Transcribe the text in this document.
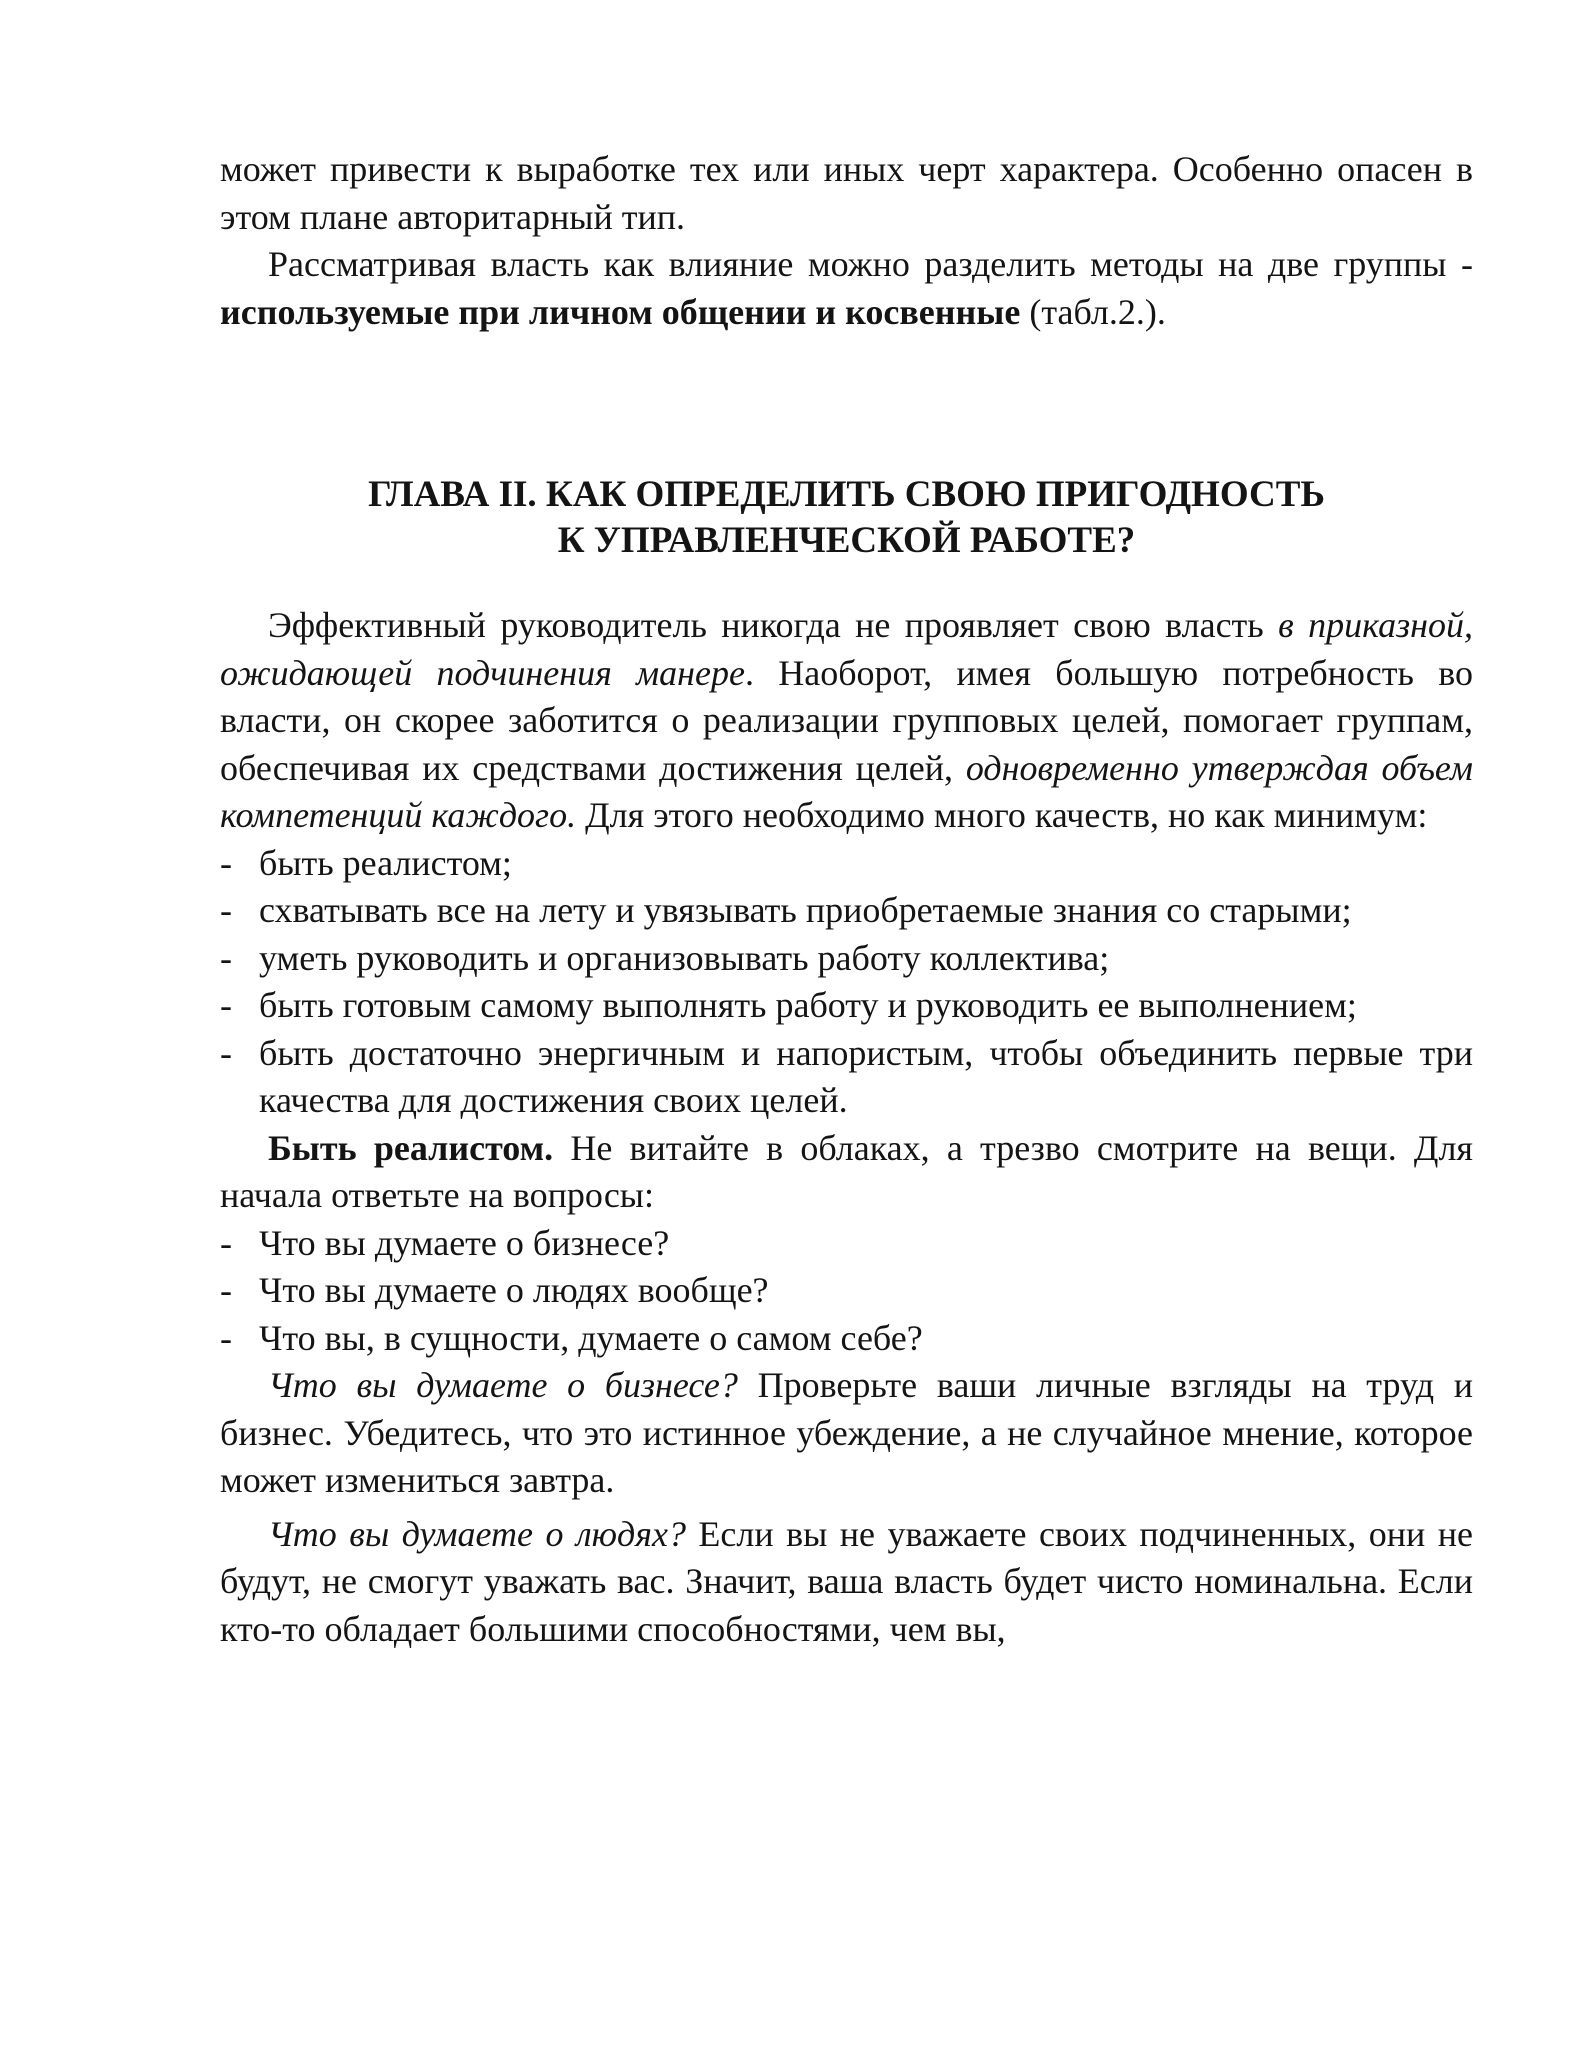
может привести к выработке тех или иных черт характера. Особенно опасен в этом плане авторитарный тип.

Рассматривая власть как влияние можно разделить методы на две группы - используемые при личном общении и косвенные (табл.2.).

ГЛАВА II. КАК ОПРЕДЕЛИТЬ СВОЮ ПРИГОДНОСТЬ
К УПРАВЛЕНЧЕСКОЙ РАБОТЕ?

Эффективный руководитель никогда не проявляет свою власть в приказной, ожидающей подчинения манере. Наоборот, имея большую потребность во власти, он скорее заботится о реализации групповых целей, помогает группам, обеспечивая их средствами достижения целей, одновременно утверждая объем компетенций каждого. Для этого необходимо много качеств, но как минимум:

- быть реалистом;
- схватывать все на лету и увязывать приобретаемые знания со старыми;
- уметь руководить и организовывать работу коллектива;
- быть готовым самому выполнять работу и руководить ее выполнением;
- быть достаточно энергичным и напористым, чтобы объединить первые три качества для достижения своих целей.

Быть реалистом. Не витайте в облаках, а трезво смотрите на вещи. Для начала ответьте на вопросы:

- Что вы думаете о бизнесе?
- Что вы думаете о людях вообще?
- Что вы, в сущности, думаете о самом себе?

Что вы думаете о бизнесе? Проверьте ваши личные взгляды на труд и бизнес. Убедитесь, что это истинное убеждение, а не случайное мнение, которое может измениться завтра.

Что вы думаете о людях? Если вы не уважаете своих подчиненных, они не будут, не смогут уважать вас. Значит, ваша власть будет чисто номинальна. Если кто-то обладает большими способностями, чем вы,
